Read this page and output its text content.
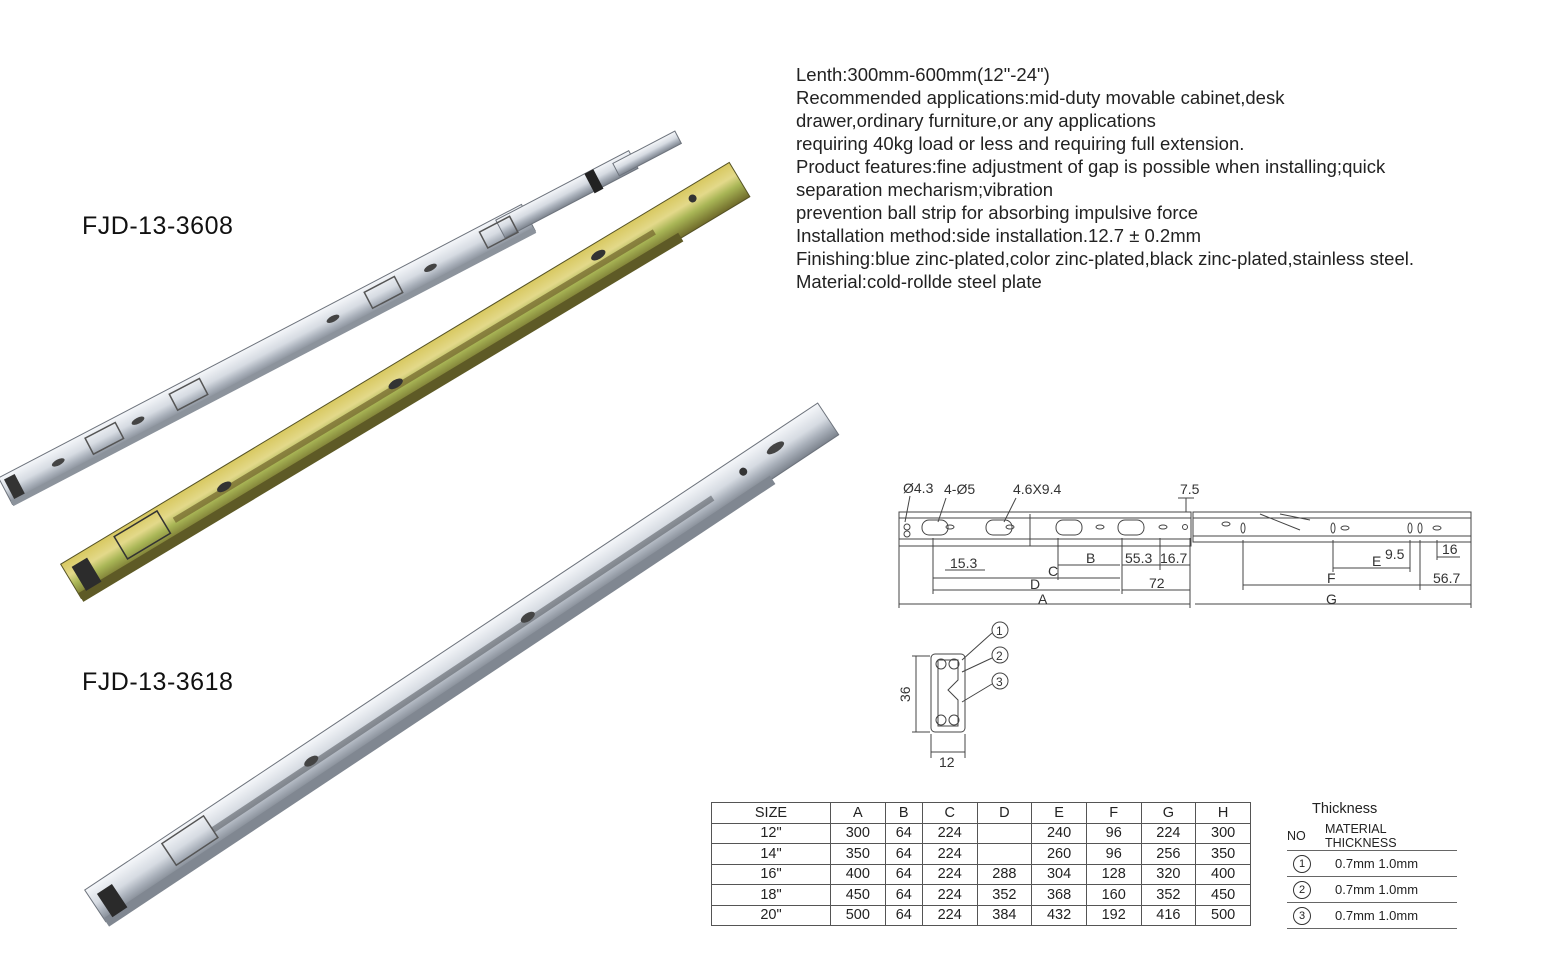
FJD-13-3608
FJD-13-3618
Lenth:300mm-600mm(12"-24")
Recommended applications:mid-duty movable cabinet,desk
drawer,ordinary furniture,or any applications
requiring 40kg load or less and requiring full extension.
Product features:fine adjustment of gap is possible when installing;quick
separation mecharism;vibration
prevention ball strip for absorbing impulsive force
Installation method:side installation.12.7 ± 0.2mm
Finishing:blue zinc-plated,color zinc-plated,black zinc-plated,stainless steel.
Material:cold-rollde steel plate
Ø4.3 4-Ø5	4.6X9.4	7.5
15.3	B 55.3 16.7
C
D	72
A
E 9.5	16
F	56.7
G
1
2
3
36
12
SIZE	A	B	C	D	E	F	G	H
12"	300	64	224		240	96	224	300
14"	350	64	224		260	96	256	350
16"	400	64	224	288	304	128	320	400
18"	450	64	224	352	368	160	352	450
20"	500	64	224	384	432	192	416	500
Thickness
NO	MATERIAL THICKNESS
1	0.7mm 1.0mm
2	0.7mm 1.0mm
3	0.7mm 1.0mm
